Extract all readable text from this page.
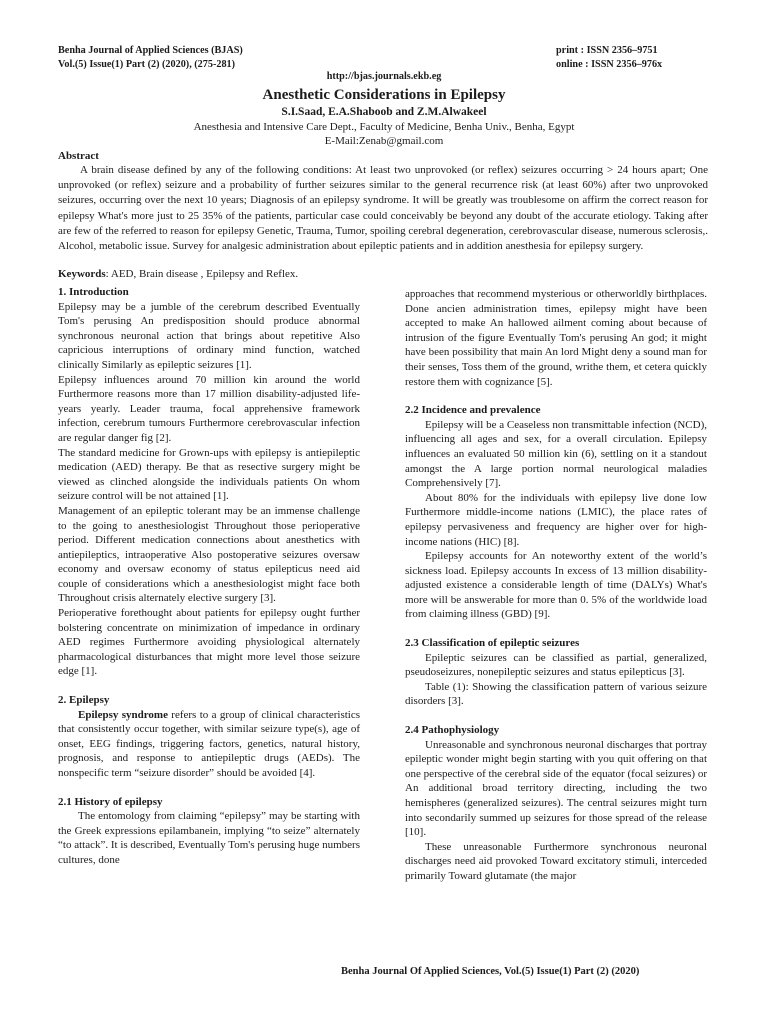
Benha Journal of Applied Sciences (BJAS)
Vol.(5) Issue(1) Part (2) (2020), (275-281)
print : ISSN 2356–9751
online : ISSN 2356–976x
http://bjas.journals.ekb.eg
Anesthetic Considerations in Epilepsy
S.I.Saad, E.A.Shaboob and Z.M.Alwakeel
Anesthesia and Intensive Care Dept., Faculty of Medicine, Benha Univ., Benha, Egypt
E-Mail:Zenab@gmail.com
Abstract
A brain disease defined by any of the following conditions: At least two unprovoked (or reflex) seizures occurring > 24 hours apart; One unprovoked (or reflex) seizure and a probability of further seizures similar to the general recurrence risk (at least 60%) after two unprovoked seizures, occurring over the next 10 years; Diagnosis of an epilepsy syndrome. It will be greatly was troublesome on affirm the correct reason for epilepsy What's more just to 25 35% of the patients, particular case could conceivably be beyond any doubt of the accurate etiology. Taking after are few of the referred to reason for epilepsy Genetic, Trauma, Tumor, spoiling cerebral degeneration, cerebrovascular disease, numerous sclerosis,. Alcohol, metabolic issue. Survey for analgesic administration about epileptic patients and in addition anesthesia for epilepsy surgery.
Keywords: AED, Brain disease , Epilepsy and Reflex.
1. Introduction
Epilepsy may be a jumble of the cerebrum described Eventually Tom's perusing An predisposition should produce abnormal synchronous neuronal action that brings about repetitive Also capricious interruptions of ordinary mind function, watched clinically Similarly as epileptic seizures [1].
Epilepsy influences around 70 million kin around the world Furthermore reasons more than 17 million disability-adjusted life-years yearly. Leader trauma, focal apprehensive framework infection, cerebrum tumours Furthermore cerebrovascular infection are regular danger fig [2].
The standard medicine for Grown-ups with epilepsy is antiepileptic medication (AED) therapy. Be that as resective surgery might be viewed as clinched alongside the individuals patients On whom seizure control will be not attained [1].
Management of an epileptic tolerant may be an immense challenge to the going to anesthesiologist Throughout those perioperative period. Different medication connections about anesthetics with antiepileptics, intraoperative Also postoperative seizures oversaw economy and oversaw economy of status epilepticus need aid couple of considerations which a anesthesiologist might face both Throughout crisis alternately elective surgery [3].
Perioperative forethought about patients for epilepsy ought further bolstering concentrate on minimization of impedance in ordinary AED regimes Furthermore avoiding physiological alternately pharmacological disturbances that might more level those seizure edge [1].
2. Epilepsy
Epilepsy syndrome refers to a group of clinical characteristics that consistently occur together, with similar seizure type(s), age of onset, EEG findings, triggering factors, genetics, natural history, prognosis, and response to antiepileptic drugs (AEDs). The nonspecific term “seizure disorder” should be avoided [4].
2.1 History of epilepsy
The entomology from claiming “epilepsy” may be starting with the Greek expressions epilambanein, implying “to seize” alternately “to attack”. It is described, Eventually Tom's perusing huge numbers cultures, done
approaches that recommend mysterious or otherworldly birthplaces. Done ancien administration times, epilepsy might have been accepted to make An hallowed ailment coming about because of intrusion of the figure Eventually Tom's perusing An god; it might have been possibility that main An lord Might deny a sound man for their senses, Toss them of the ground, writhe them, et cetera quickly restore them with cognizance [5].
2.2 Incidence and prevalence
Epilepsy will be a Ceaseless non transmittable infection (NCD), influencing all ages and sex, for a overall circulation. Epilepsy influences an evaluated 50 million kin (6), settling on it a standout amongst the A large portion normal neurological maladies Comprehensively [7].
About 80% for the individuals with epilepsy live done low Furthermore middle-income nations (LMIC), the place rates of epilepsy pervasiveness and frequency are higher over for high-income nations (HIC) [8].
Epilepsy accounts for An noteworthy extent of the world’s sickness load. Epilepsy accounts In excess of 13 million disability-adjusted existence a considerable length of time (DALYs) What's more will be answerable for more than 0. 5% of the worldwide load from claiming illness (GBD) [9].
2.3 Classification of epileptic seizures
Epileptic seizures can be classified as partial, generalized, pseudoseizures, nonepileptic seizures and status epilepticus [3].
Table (1): Showing the classification pattern of various seizure disorders [3].
2.4 Pathophysiology
Unreasonable and synchronous neuronal discharges that portray epileptic wonder might begin starting with you quit offering on that one perspective of the cerebral side of the equator (focal seizures) or An additional broad territory directing, including the two hemispheres (generalized seizures). The central seizures might turn into secondarily summed up seizures for those spread of the release [10].
These unreasonable Furthermore synchronous neuronal discharges need aid provoked Toward excitatory stimuli, interceded primarily Toward glutamate (the major
Benha Journal Of Applied Sciences, Vol.(5) Issue(1) Part (2) (2020)
